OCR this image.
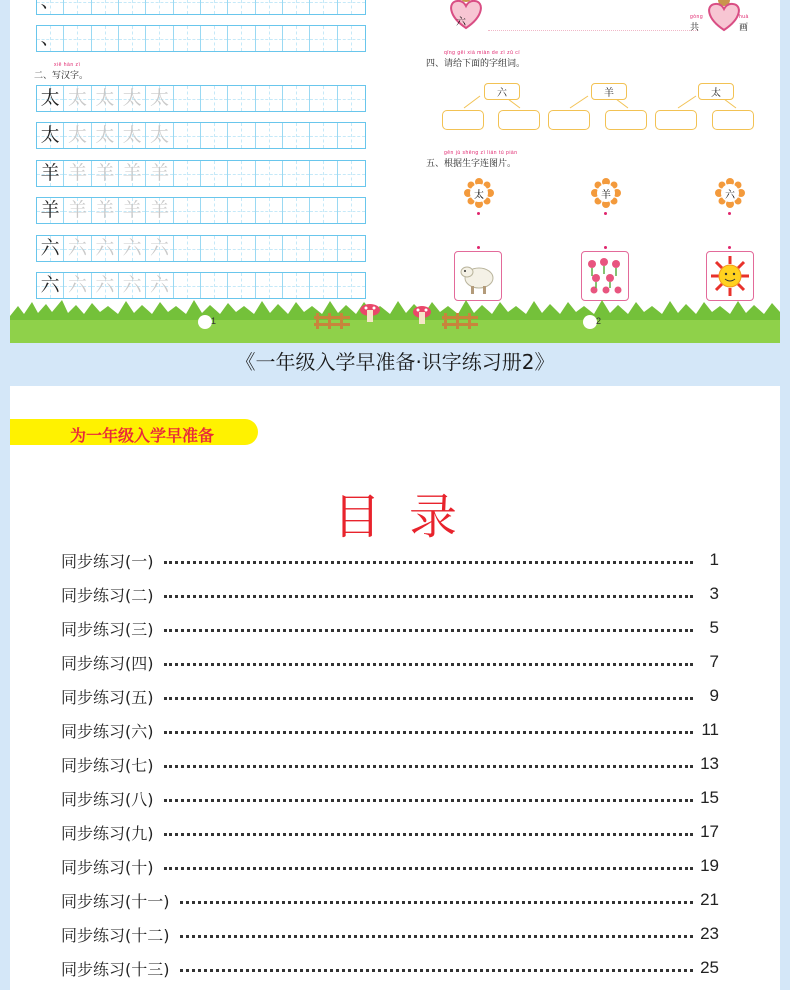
、
、
xiě hàn zì
二、写汉字。
太 太 太 太 太
太 太 太 太 太
羊 羊 羊 羊 羊
羊 羊 羊 羊 羊
六 六 六 六 六
六 六 六 六 六
六	gòng
共
huà
画
qǐng gěi xià miàn de zì zǔ cí
四、请给下面的字组词。
六	羊	太
gēn jù shēng zì lián tú piàn
五、根据生字连图片。
太	羊	六
1	2
《一年级入学早准备·识字练习册2》
为一年级入学早准备
目录
同步练习(一)	1
同步练习(二)	3
同步练习(三)	5
同步练习(四)	7
同步练习(五)	9
同步练习(六)	11
同步练习(七)	13
同步练习(八)	15
同步练习(九)	17
同步练习(十)	19
同步练习(十一)	21
同步练习(十二)	23
同步练习(十三)	25
